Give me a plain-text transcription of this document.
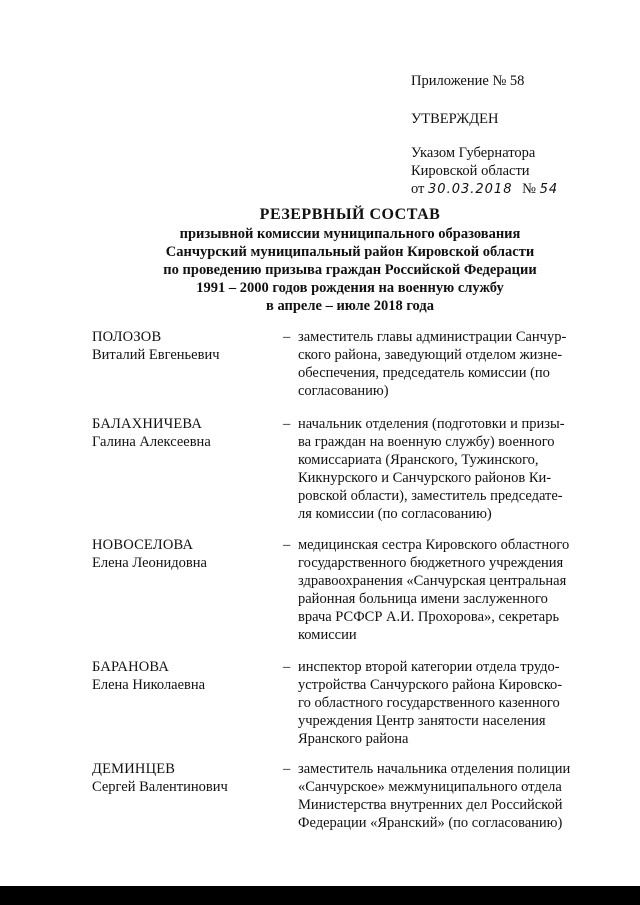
Приложение № 58
УТВЕРЖДЕН
Указом Губернатора
Кировской области
от 30.03.2018 № 54
РЕЗЕРВНЫЙ СОСТАВ
призывной комиссии муниципального образования
Санчурский муниципальный район Кировской области
по проведению призыва граждан Российской Федерации
1991 – 2000 годов рождения на военную службу
в апреле – июле 2018 года
ПОЛОЗОВ
Виталий Евгеньевич
– заместитель главы администрации Санчур-
ского района, заведующий отделом жизне-
обеспечения, председатель комиссии (по
согласованию)
БАЛАХНИЧЕВА
Галина Алексеевна
– начальник отделения (подготовки и призы-
ва граждан на военную службу) военного
комиссариата (Яранского, Тужинского,
Кикнурского и Санчурского районов Ки-
ровской области), заместитель председате-
ля комиссии (по согласованию)
НОВОСЕЛОВА
Елена Леонидовна
– медицинская сестра Кировского областного
государственного бюджетного учреждения
здравоохранения «Санчурская центральная
районная больница имени заслуженного
врача РСФСР А.И. Прохорова», секретарь
комиссии
БАРАНОВА
Елена Николаевна
– инспектор второй категории отдела трудо-
устройства Санчурского района Кировско-
го областного государственного казенного
учреждения Центр занятости населения
Яранского района
ДЕМИНЦЕВ
Сергей Валентинович
– заместитель начальника отделения полиции
«Санчурское» межмуниципального отдела
Министерства внутренних дел Российской
Федерации «Яранский» (по согласованию)
